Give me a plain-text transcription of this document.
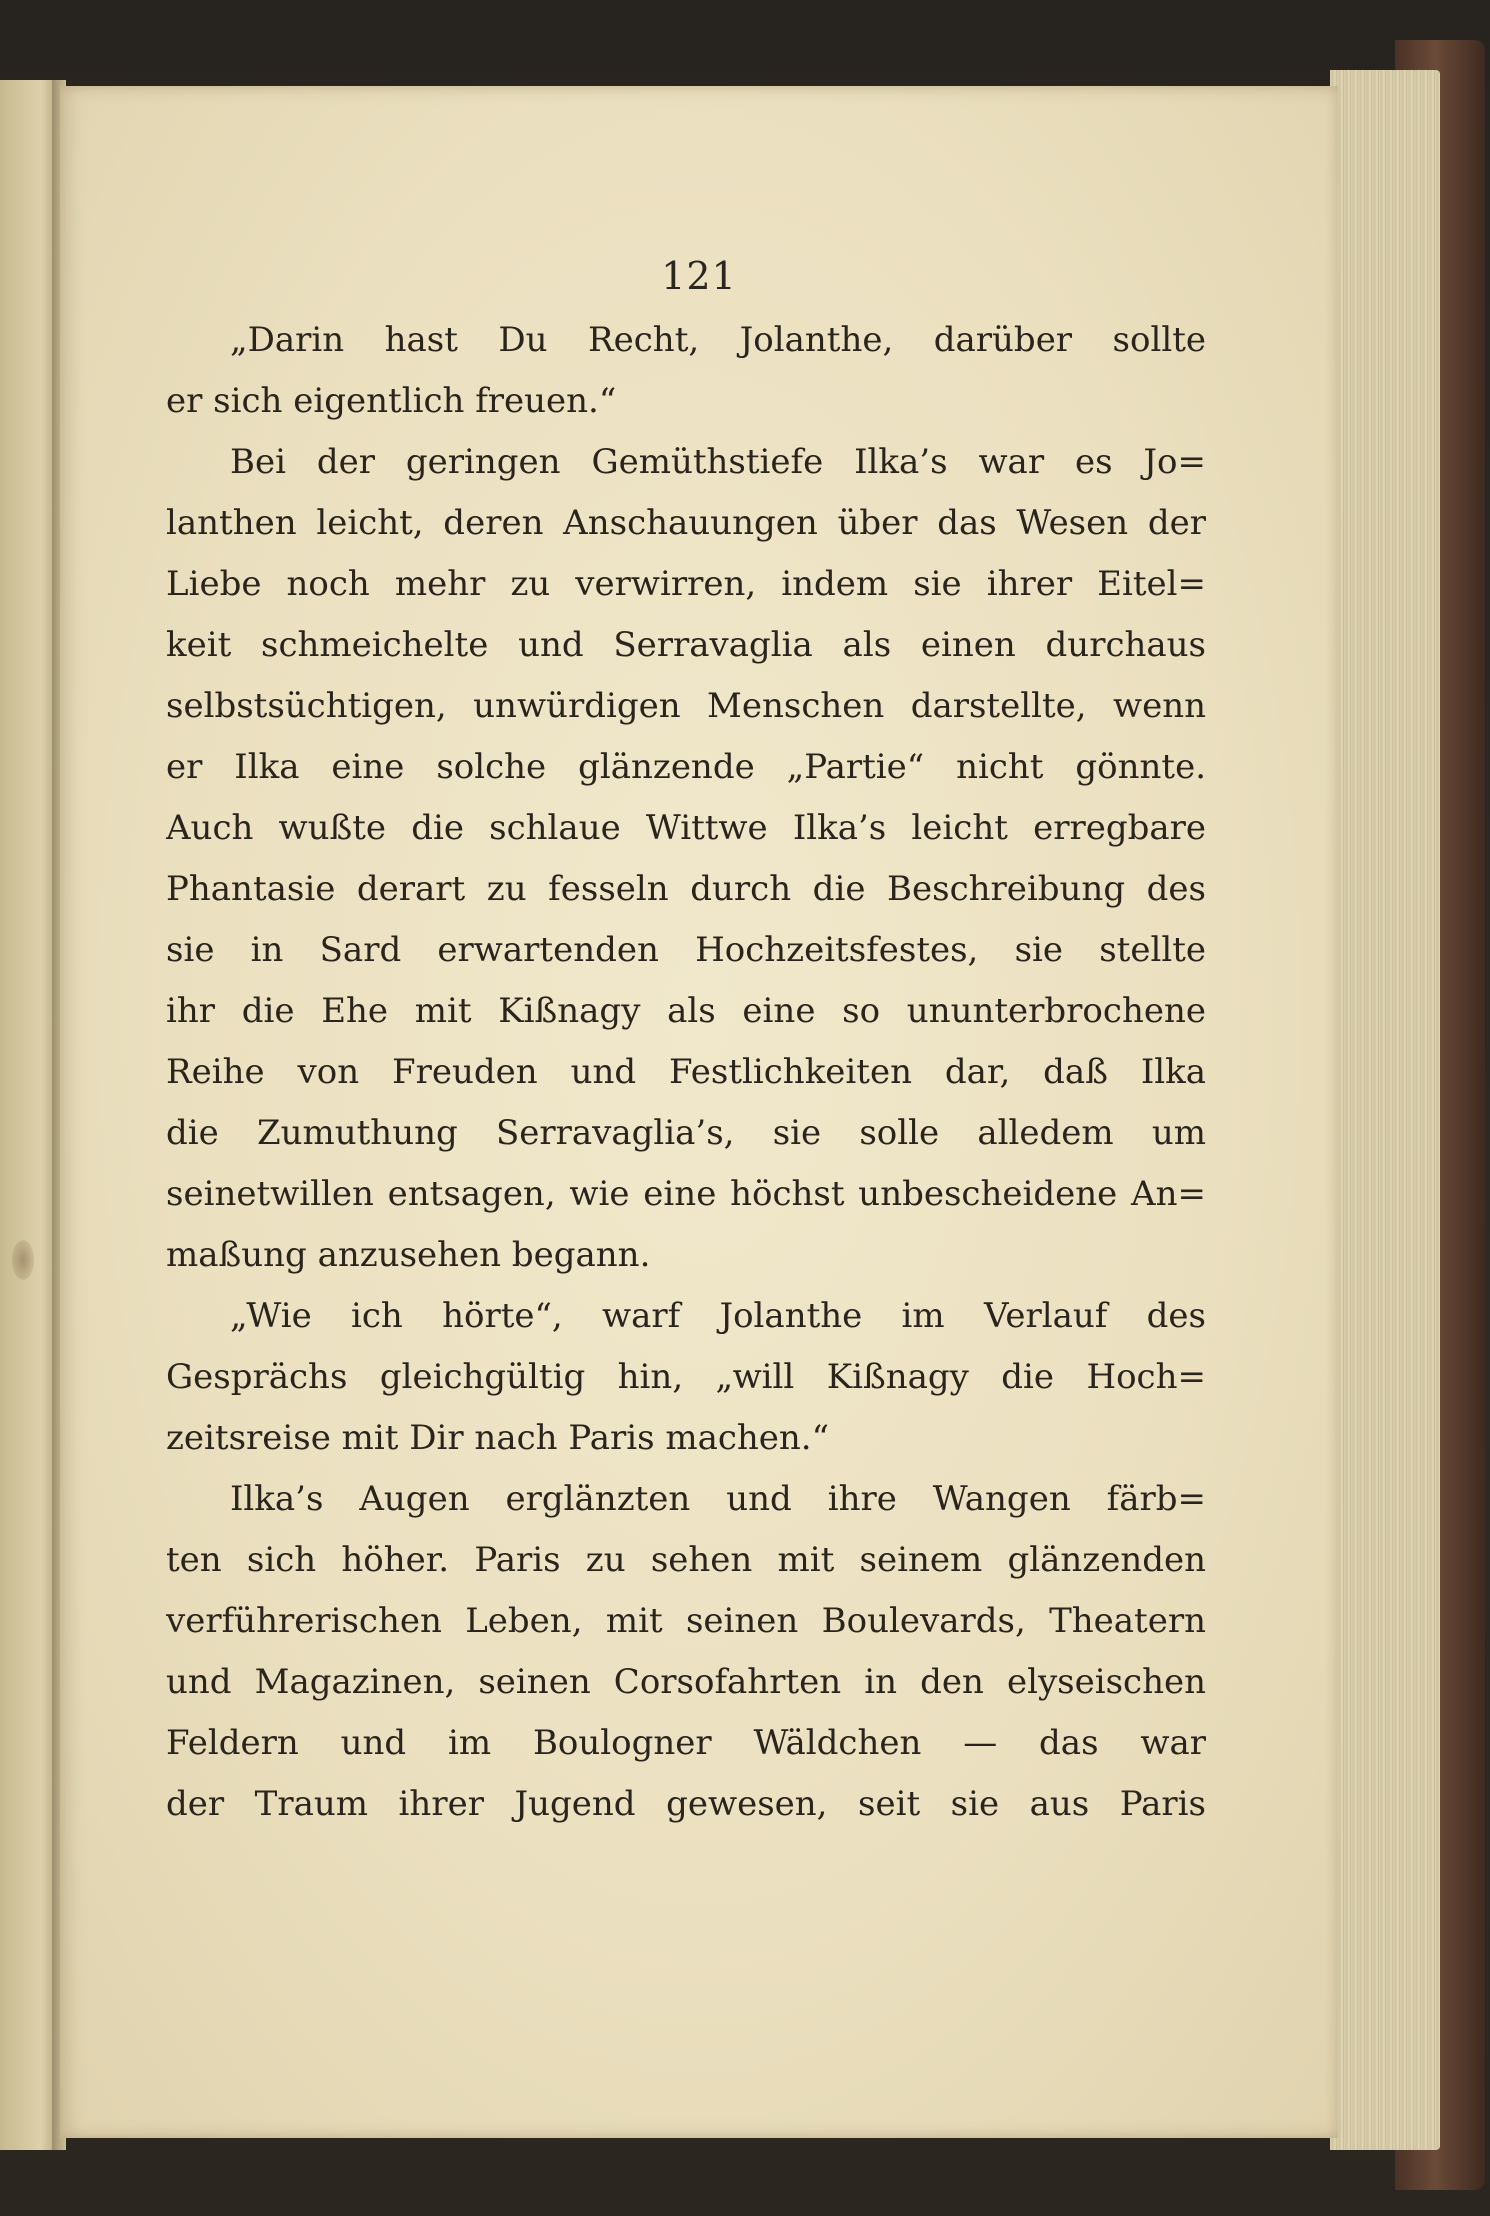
121
„Darin hast Du Recht, Jolanthe, darüber sollte
er sich eigentlich freuen.“
Bei der geringen Gemüthstiefe Ilka’s war es Jo=
lanthen leicht, deren Anschauungen über das Wesen der
Liebe noch mehr zu verwirren, indem sie ihrer Eitel=
keit schmeichelte und Serravaglia als einen durchaus
selbstsüchtigen, unwürdigen Menschen darstellte, wenn
er Ilka eine solche glänzende „Partie“ nicht gönnte.
Auch wußte die schlaue Wittwe Ilka’s leicht erregbare
Phantasie derart zu fesseln durch die Beschreibung des
sie in Sard erwartenden Hochzeitsfestes, sie stellte
ihr die Ehe mit Kißnagy als eine so ununterbrochene
Reihe von Freuden und Festlichkeiten dar, daß Ilka
die Zumuthung Serravaglia’s, sie solle alledem um
seinetwillen entsagen, wie eine höchst unbescheidene An=
maßung anzusehen begann.
„Wie ich hörte“, warf Jolanthe im Verlauf des
Gesprächs gleichgültig hin, „will Kißnagy die Hoch=
zeitsreise mit Dir nach Paris machen.“
Ilka’s Augen erglänzten und ihre Wangen färb=
ten sich höher. Paris zu sehen mit seinem glänzenden
verführerischen Leben, mit seinen Boulevards, Theatern
und Magazinen, seinen Corsofahrten in den elyseischen
Feldern und im Boulogner Wäldchen — das war
der Traum ihrer Jugend gewesen, seit sie aus Paris
